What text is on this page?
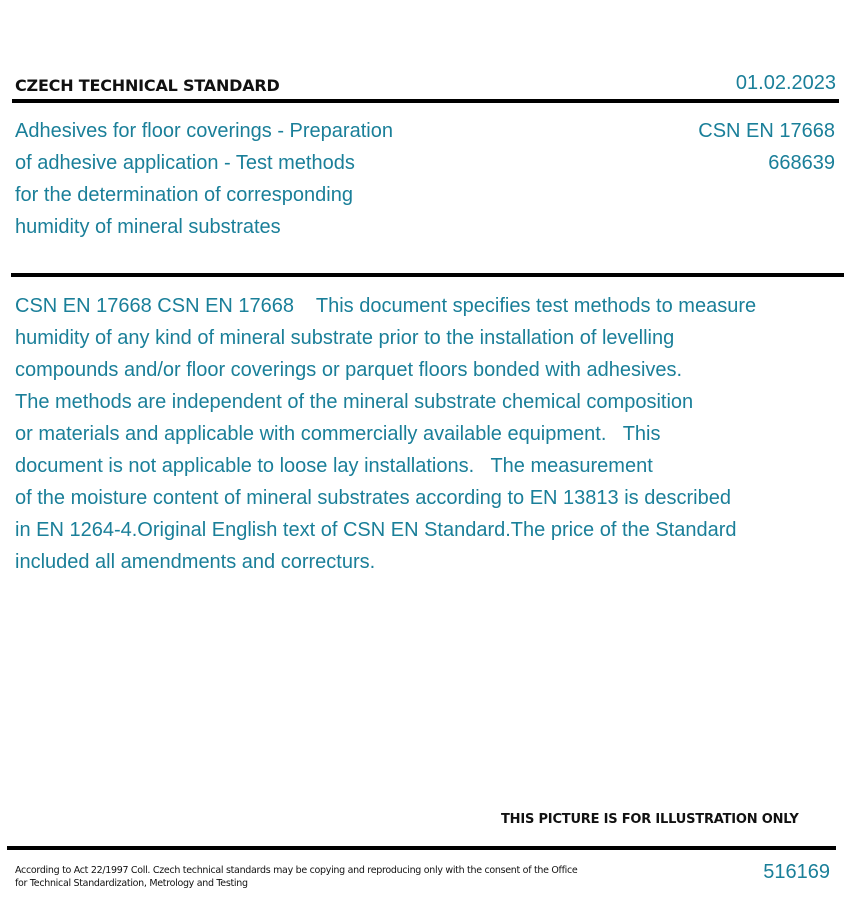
CZECH TECHNICAL STANDARD	01.02.2023
Adhesives for floor coverings - Preparation
of adhesive application - Test methods
for the determination of corresponding
humidity of mineral substrates
CSN EN 17668
668639
CSN EN 17668 CSN EN 17668    This document specifies test methods to measure
humidity of any kind of mineral substrate prior to the installation of levelling
compounds and/or floor coverings or parquet floors bonded with adhesives.
The methods are independent of the mineral substrate chemical composition
or materials and applicable with commercially available equipment.   This
document is not applicable to loose lay installations.   The measurement
of the moisture content of mineral substrates according to EN 13813 is described
in EN 1264-4.Original English text of CSN EN Standard.The price of the Standard
included all amendments and correcturs.
THIS PICTURE IS FOR ILLUSTRATION ONLY
According to Act 22/1997 Coll. Czech technical standards may be copying and reproducing only with the consent of the Office
for Technical Standardization, Metrology and Testing
516169
